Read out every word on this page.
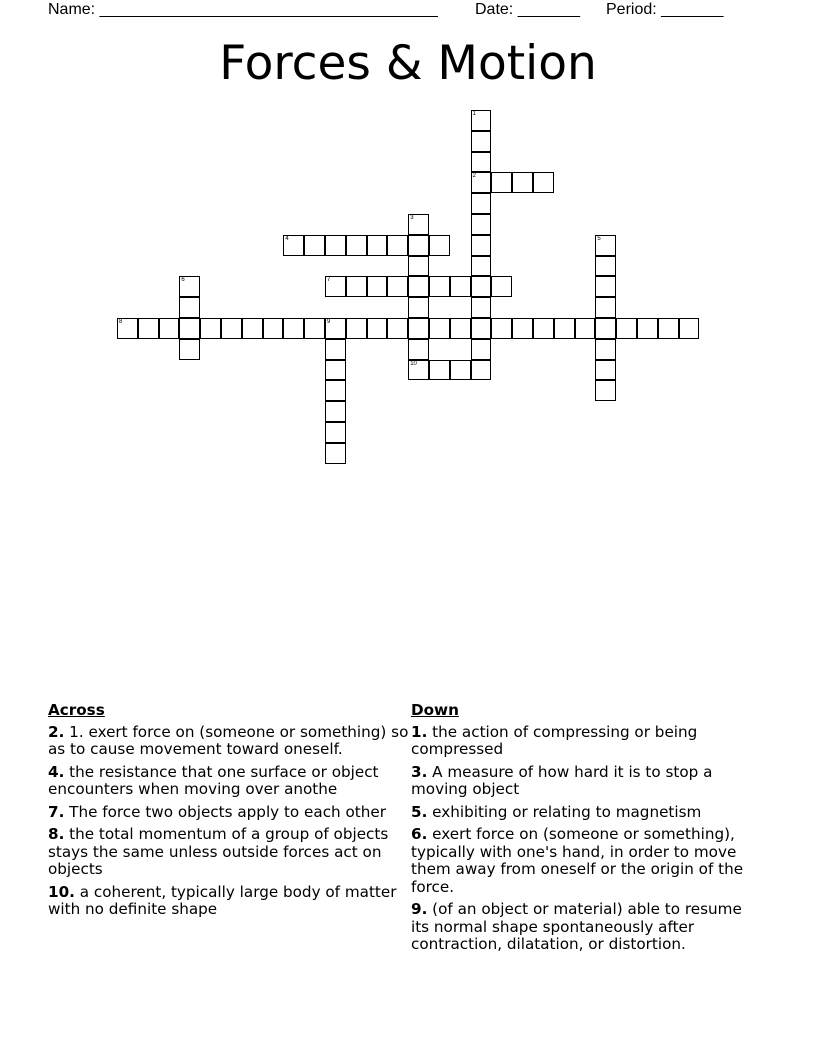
Name: ______________________________________ Date: _______ Period: _______
Forces & Motion
1
2
3
10
4	5
6	7
8	9
Across
2. 1. exert force on (someone or something) so as to cause movement toward oneself.
4. the resistance that one surface or object encounters when moving over anothe
7. The force two objects apply to each other
8. the total momentum of a group of objects stays the same unless outside forces act on objects
10. a coherent, typically large body of matter with no definite shape
Down
1. the action of compressing or being compressed
3. A measure of how hard it is to stop a moving object
5. exhibiting or relating to magnetism
6. exert force on (someone or something), typically with one's hand, in order to move them away from oneself or the origin of the force.
9. (of an object or material) able to resume its normal shape spontaneously after contraction, dilatation, or distortion.
